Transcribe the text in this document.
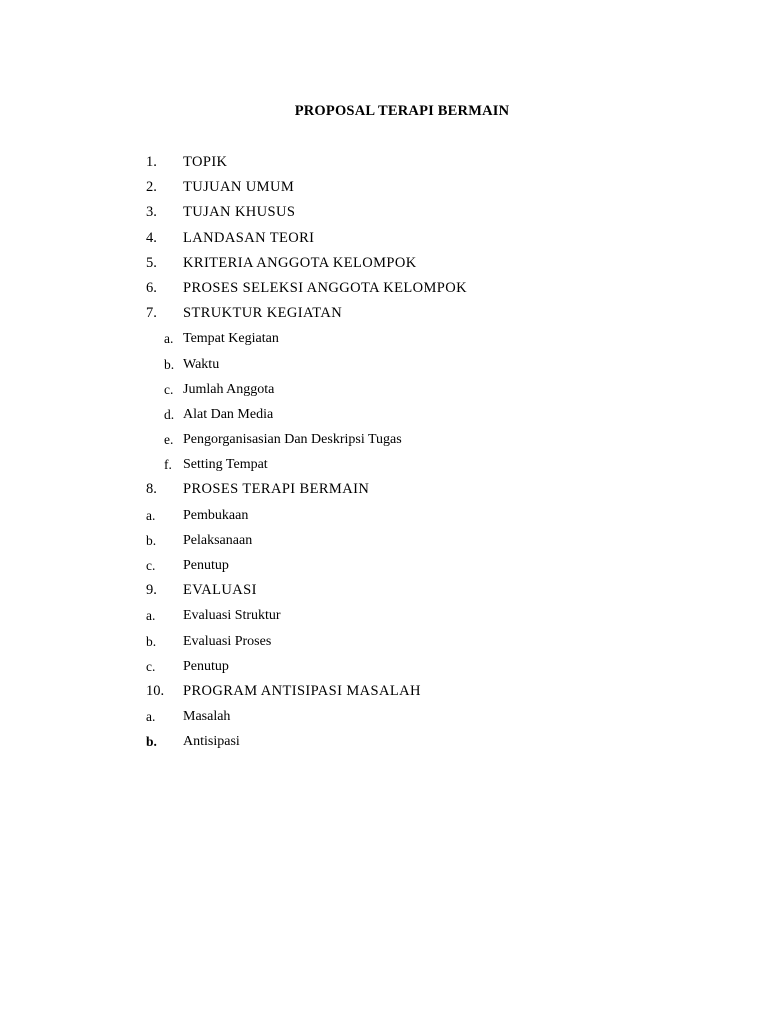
PROPOSAL TERAPI BERMAIN
1. TOPIK
2. TUJUAN UMUM
3. TUJAN KHUSUS
4. LANDASAN TEORI
5. KRITERIA ANGGOTA KELOMPOK
6. PROSES SELEKSI ANGGOTA KELOMPOK
7. STRUKTUR KEGIATAN
a. Tempat Kegiatan
b. Waktu
c. Jumlah Anggota
d. Alat Dan Media
e. Pengorganisasian Dan Deskripsi Tugas
f. Setting Tempat
8. PROSES TERAPI BERMAIN
a. Pembukaan
b. Pelaksanaan
c. Penutup
9. EVALUASI
a. Evaluasi Struktur
b. Evaluasi Proses
c. Penutup
10. PROGRAM ANTISIPASI MASALAH
a. Masalah
b. Antisipasi
